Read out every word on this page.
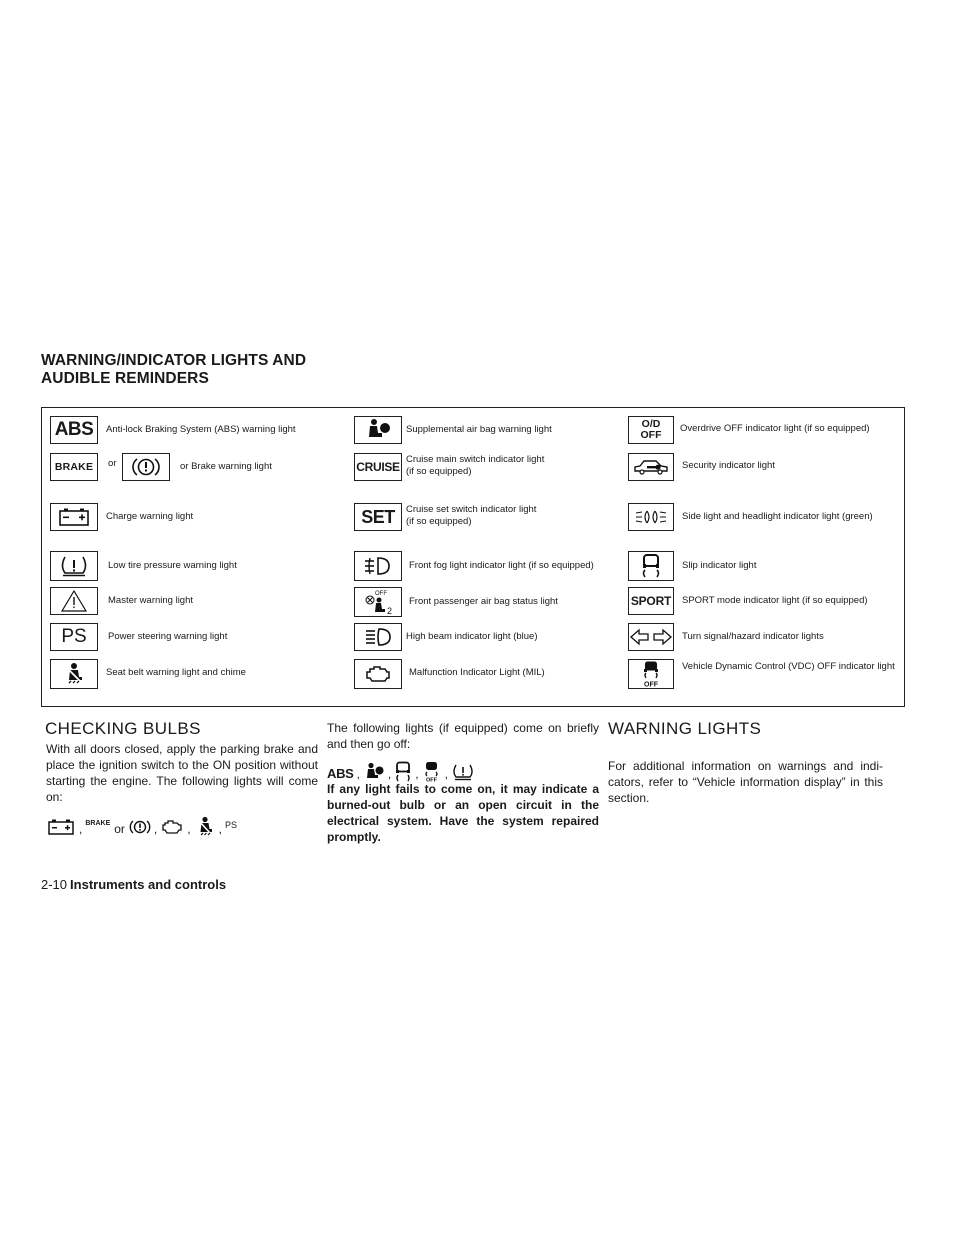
WARNING/INDICATOR LIGHTS AND
AUDIBLE REMINDERS
ABS Anti-lock Braking System (ABS) warning light
BRAKE or	or Brake warning light
Charge warning light
Low tire pressure warning light
Master warning light
PS Power steering warning light
Seat belt warning light and chime
Supplemental air bag warning light
CRUISE
Cruise main switch indicator light
(if so equipped)
SET Cruise set switch indicator light
(if so equipped)
Front fog light indicator light (if so equipped)
OFF
2
Front passenger air bag status light
High beam indicator light (blue)
Malfunction Indicator Light (MIL)
O/D
OFF
Overdrive OFF indicator light (if so equipped)
Security indicator light
Side light and headlight indicator light (green)
Slip indicator light
SPORT SPORT mode indicator light (if so equipped)
Turn signal/hazard indicator lights
OFF
Vehicle Dynamic Control (VDC) OFF indicator light
CHECKING BULBS
With all doors closed, apply the parking brake and place the ignition switch to the ON position without starting the engine. The following lights will come on:
, BRAKE or ,	, , PS
The following lights (if equipped) come on briefly and then go off:
ABS , , , OFF ,
If any light fails to come on, it may indicate a burned-out bulb or an open circuit in the electrical system. Have the system repaired promptly.
WARNING LIGHTS
For additional information on warnings and indi-cators, refer to “Vehicle information display” in this section.
2-10 Instruments and controls
